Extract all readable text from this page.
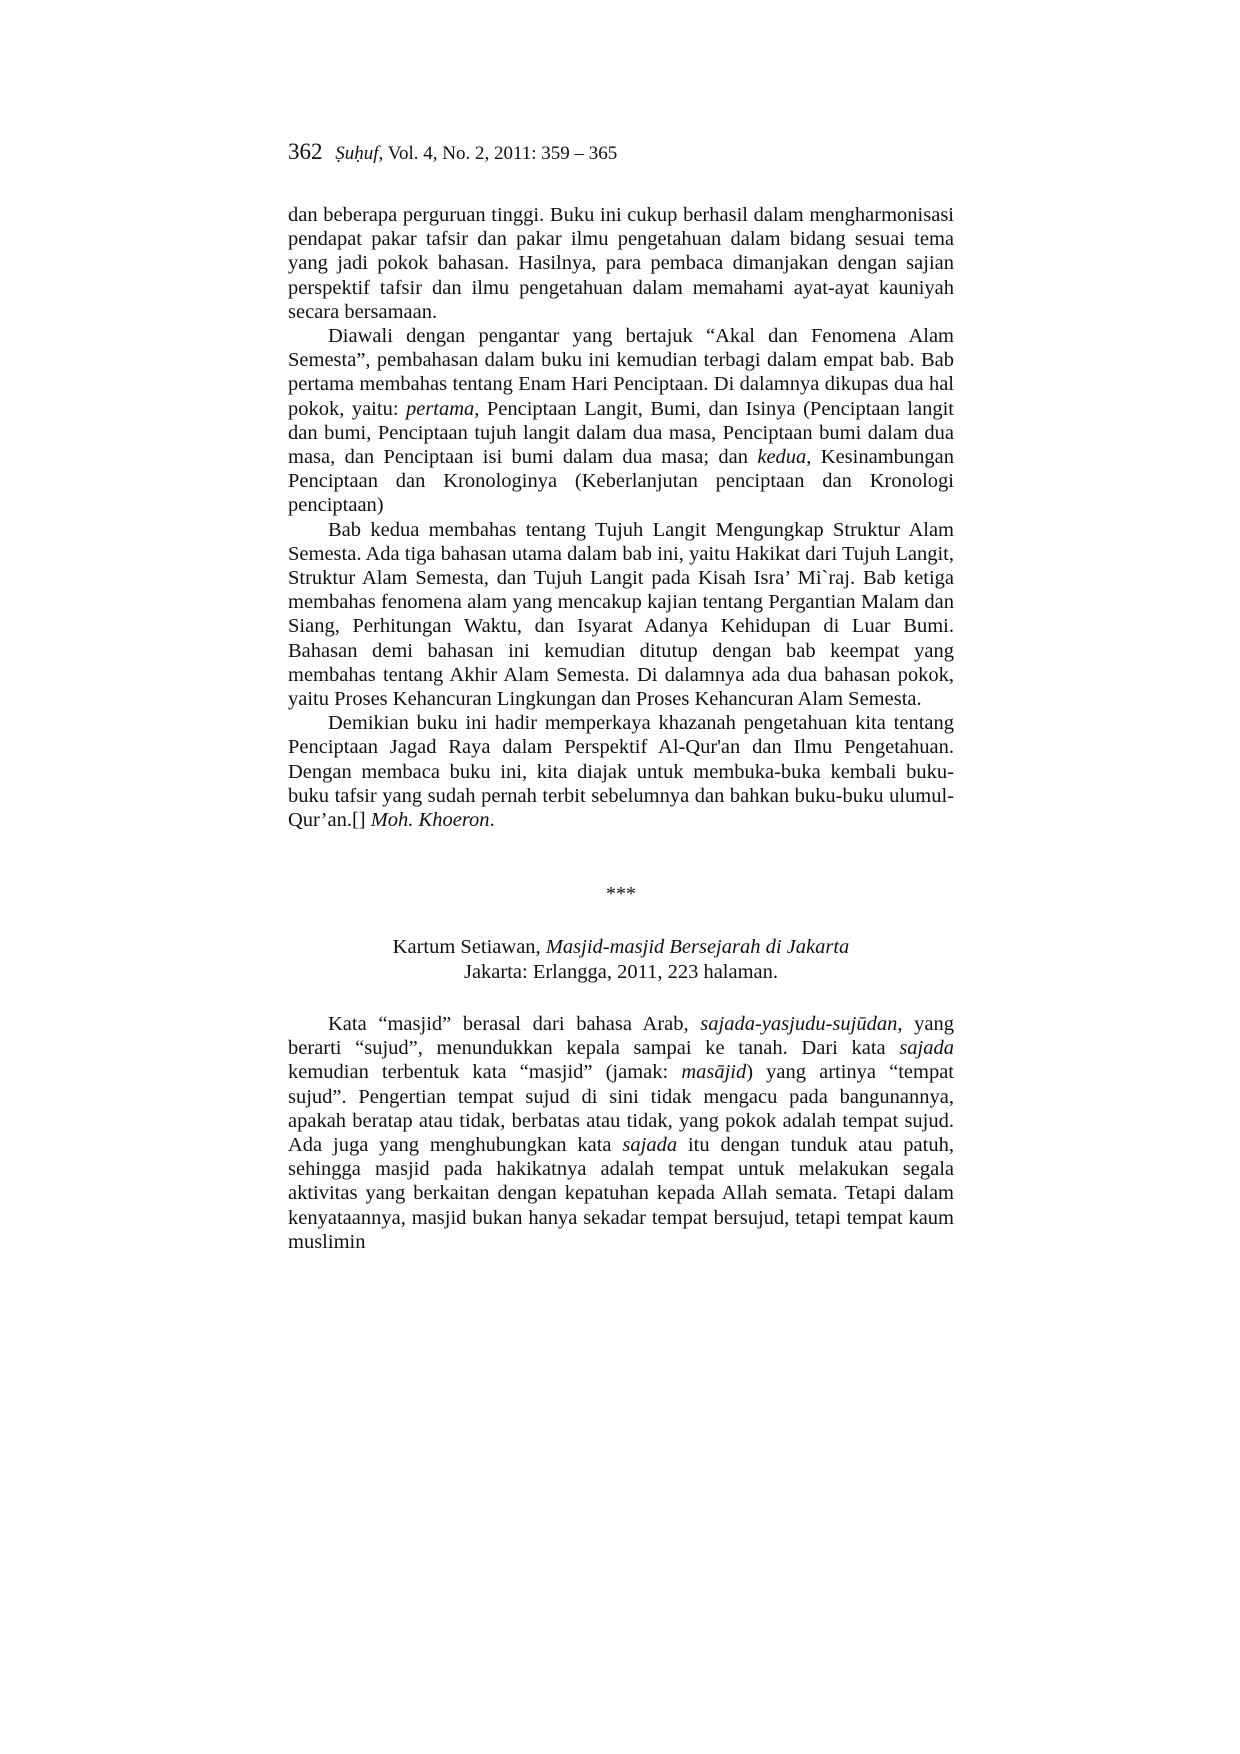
362 Ṣuḥuf, Vol. 4, No. 2, 2011: 359 – 365

dan beberapa perguruan tinggi. Buku ini cukup berhasil dalam mengharmonisasi pendapat pakar tafsir dan pakar ilmu pengetahuan dalam bidang sesuai tema yang jadi pokok bahasan. Hasilnya, para pembaca dimanjakan dengan sajian perspektif tafsir dan ilmu pengetahuan dalam memahami ayat-ayat kauniyah secara bersamaan.

Diawali dengan pengantar yang bertajuk “Akal dan Fenomena Alam Semesta”, pembahasan dalam buku ini kemudian terbagi dalam empat bab. Bab pertama membahas tentang Enam Hari Penciptaan. Di dalamnya dikupas dua hal pokok, yaitu: pertama, Penciptaan Langit, Bumi, dan Isinya (Penciptaan langit dan bumi, Penciptaan tujuh langit dalam dua masa, Penciptaan bumi dalam dua masa, dan Penciptaan isi bumi dalam dua masa; dan kedua, Kesinambungan Penciptaan dan Kronologinya (Keberlanjutan penciptaan dan Kronologi penciptaan)

Bab kedua membahas tentang Tujuh Langit Mengungkap Struktur Alam Semesta. Ada tiga bahasan utama dalam bab ini, yaitu Hakikat dari Tujuh Langit, Struktur Alam Semesta, dan Tujuh Langit pada Kisah Isra’ Mi`raj. Bab ketiga membahas fenomena alam yang mencakup kajian tentang Pergantian Malam dan Siang, Perhitungan Waktu, dan Isyarat Adanya Kehidupan di Luar Bumi. Bahasan demi bahasan ini kemudian ditutup dengan bab keempat yang membahas tentang Akhir Alam Semesta. Di dalamnya ada dua bahasan pokok, yaitu Proses Kehancuran Lingkungan dan Proses Kehancuran Alam Semesta.

Demikian buku ini hadir memperkaya khazanah pengetahuan kita tentang Penciptaan Jagad Raya dalam Perspektif Al-Qur'an dan Ilmu Pengetahuan. Dengan membaca buku ini, kita diajak untuk membuka-buka kembali buku-buku tafsir yang sudah pernah terbit sebelumnya dan bahkan buku-buku ulumul-Qur’an.[] Moh. Khoeron.

***
Kartum Setiawan, Masjid-masjid Bersejarah di Jakarta
Jakarta: Erlangga, 2011, 223 halaman.

Kata “masjid” berasal dari bahasa Arab, sajada-yasjudu-sujūdan, yang berarti “sujud”, menundukkan kepala sampai ke tanah. Dari kata sajada kemudian terbentuk kata “masjid” (jamak: masājid) yang artinya “tempat sujud”. Pengertian tempat sujud di sini tidak mengacu pada bangunannya, apakah beratap atau tidak, berbatas atau tidak, yang pokok adalah tempat sujud. Ada juga yang menghubungkan kata sajada itu dengan tunduk atau patuh, sehingga masjid pada hakikatnya adalah tempat untuk melakukan segala aktivitas yang berkaitan dengan kepatuhan kepada Allah semata. Tetapi dalam kenyataannya, masjid bukan hanya sekadar tempat bersujud, tetapi tempat kaum muslimin
